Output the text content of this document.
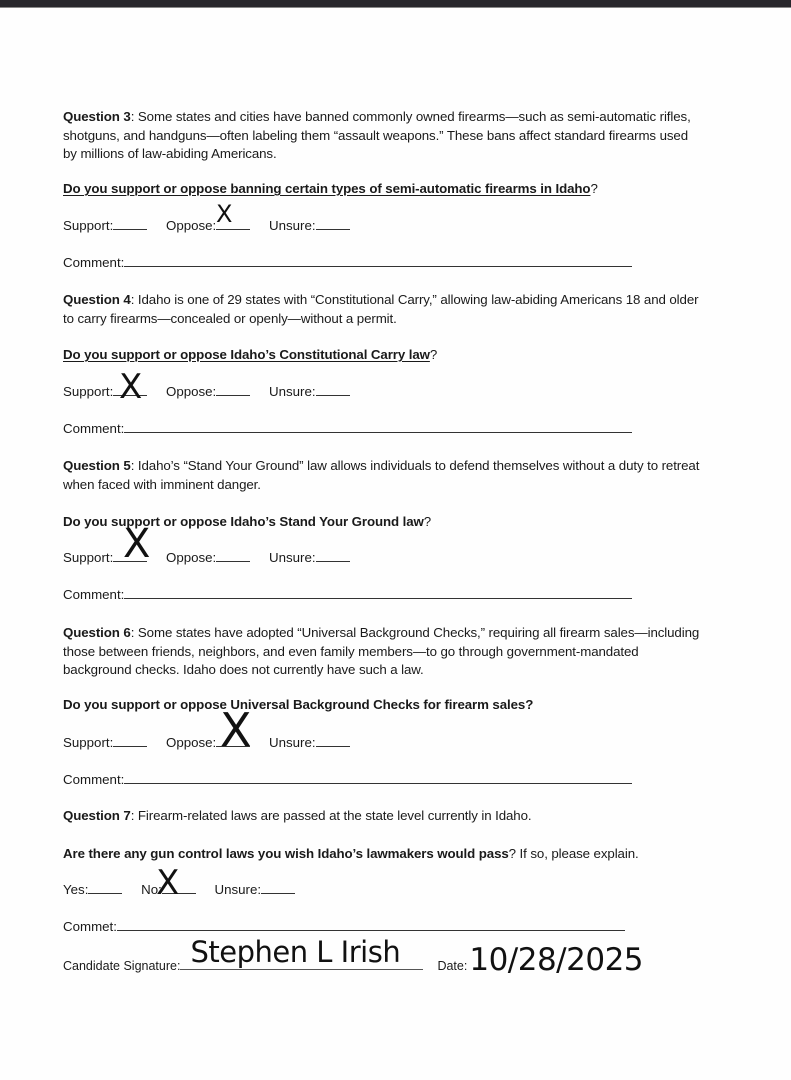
Question 3: Some states and cities have banned commonly owned firearms—such as semi-automatic rifles, shotguns, and handguns—often labeling them “assault weapons.” These bans affect standard firearms used by millions of law-abiding Americans.
Do you support or oppose banning certain types of semi-automatic firearms in Idaho?
Support:	Oppose: X	Unsure:
Comment:
Question 4: Idaho is one of 29 states with “Constitutional Carry,” allowing law-abiding Americans 18 and older to carry firearms—concealed or openly—without a permit.
Do you support or oppose Idaho’s Constitutional Carry law?
Support: X Oppose:	Unsure:
Comment:
Question 5: Idaho’s “Stand Your Ground” law allows individuals to defend themselves without a duty to retreat when faced with imminent danger.
Do you support or oppose Idaho’s Stand Your Ground law?
Support: X Oppose:	Unsure:
Comment:
Question 6: Some states have adopted “Universal Background Checks,” requiring all firearm sales—including those between friends, neighbors, and even family members—to go through government-mandated background checks. Idaho does not currently have such a law.
Do you support or oppose Universal Background Checks for firearm sales?
Support:	Oppose: X Unsure:
Comment:
Question 7: Firearm-related laws are passed at the state level currently in Idaho.
Are there any gun control laws you wish Idaho’s lawmakers would pass? If so, please explain.
Yes:	No:
X	Unsure:
Commet:
Candidate Signature: Stephen L Irish	Date: 10/28/2025
